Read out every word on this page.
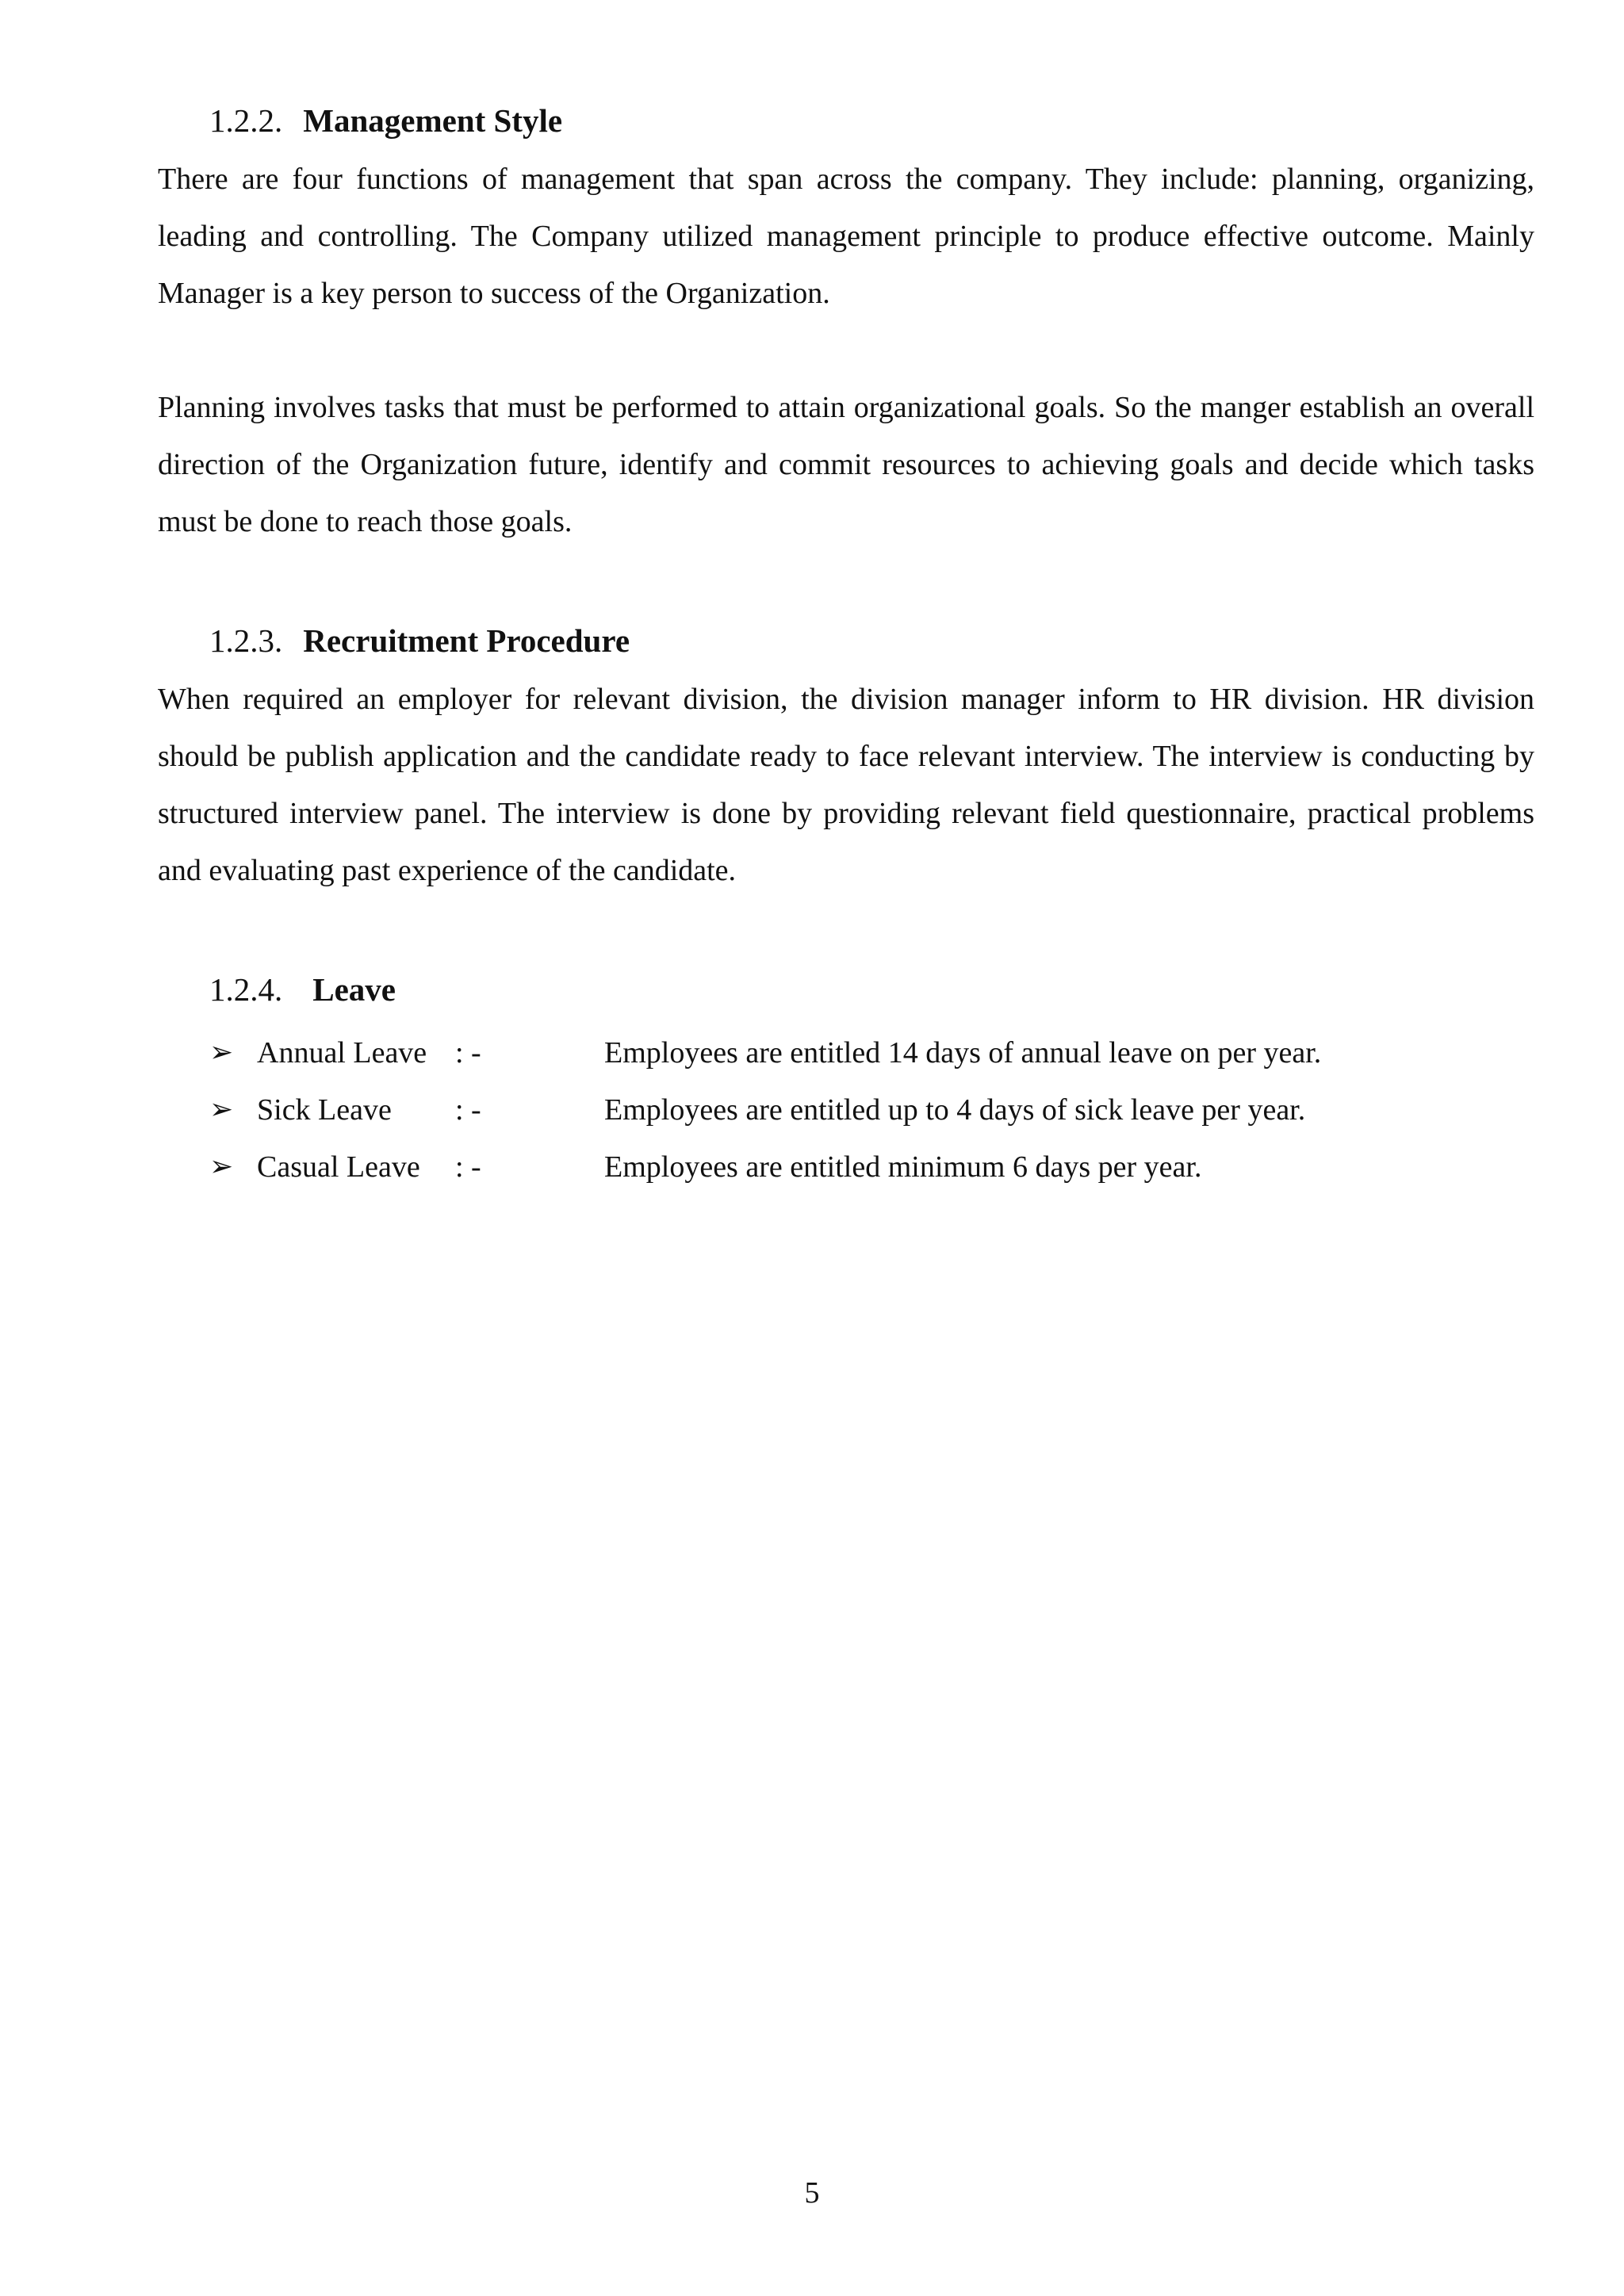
1.2.2. Management Style

There are four functions of management that span across the company. They include: planning, organizing, leading and controlling. The Company utilized management principle to produce effective outcome. Mainly Manager is a key person to success of the Organization.

Planning involves tasks that must be performed to attain organizational goals. So the manger establish an overall direction of the Organization future, identify and commit resources to achieving goals and decide which tasks must be done to reach those goals.

1.2.3. Recruitment Procedure

When required an employer for relevant division, the division manager inform to HR division. HR division should be publish application and the candidate ready to face relevant interview. The interview is conducting by structured interview panel. The interview is done by providing relevant field questionnaire, practical problems and evaluating past experience of the candidate.

1.2.4. Leave
➢ Annual Leave : -	Employees are entitled 14 days of annual leave on per year.
➢ Sick Leave : -	Employees are entitled up to 4 days of sick leave per year.
➢ Casual Leave : -	Employees are entitled minimum 6 days per year.
5
